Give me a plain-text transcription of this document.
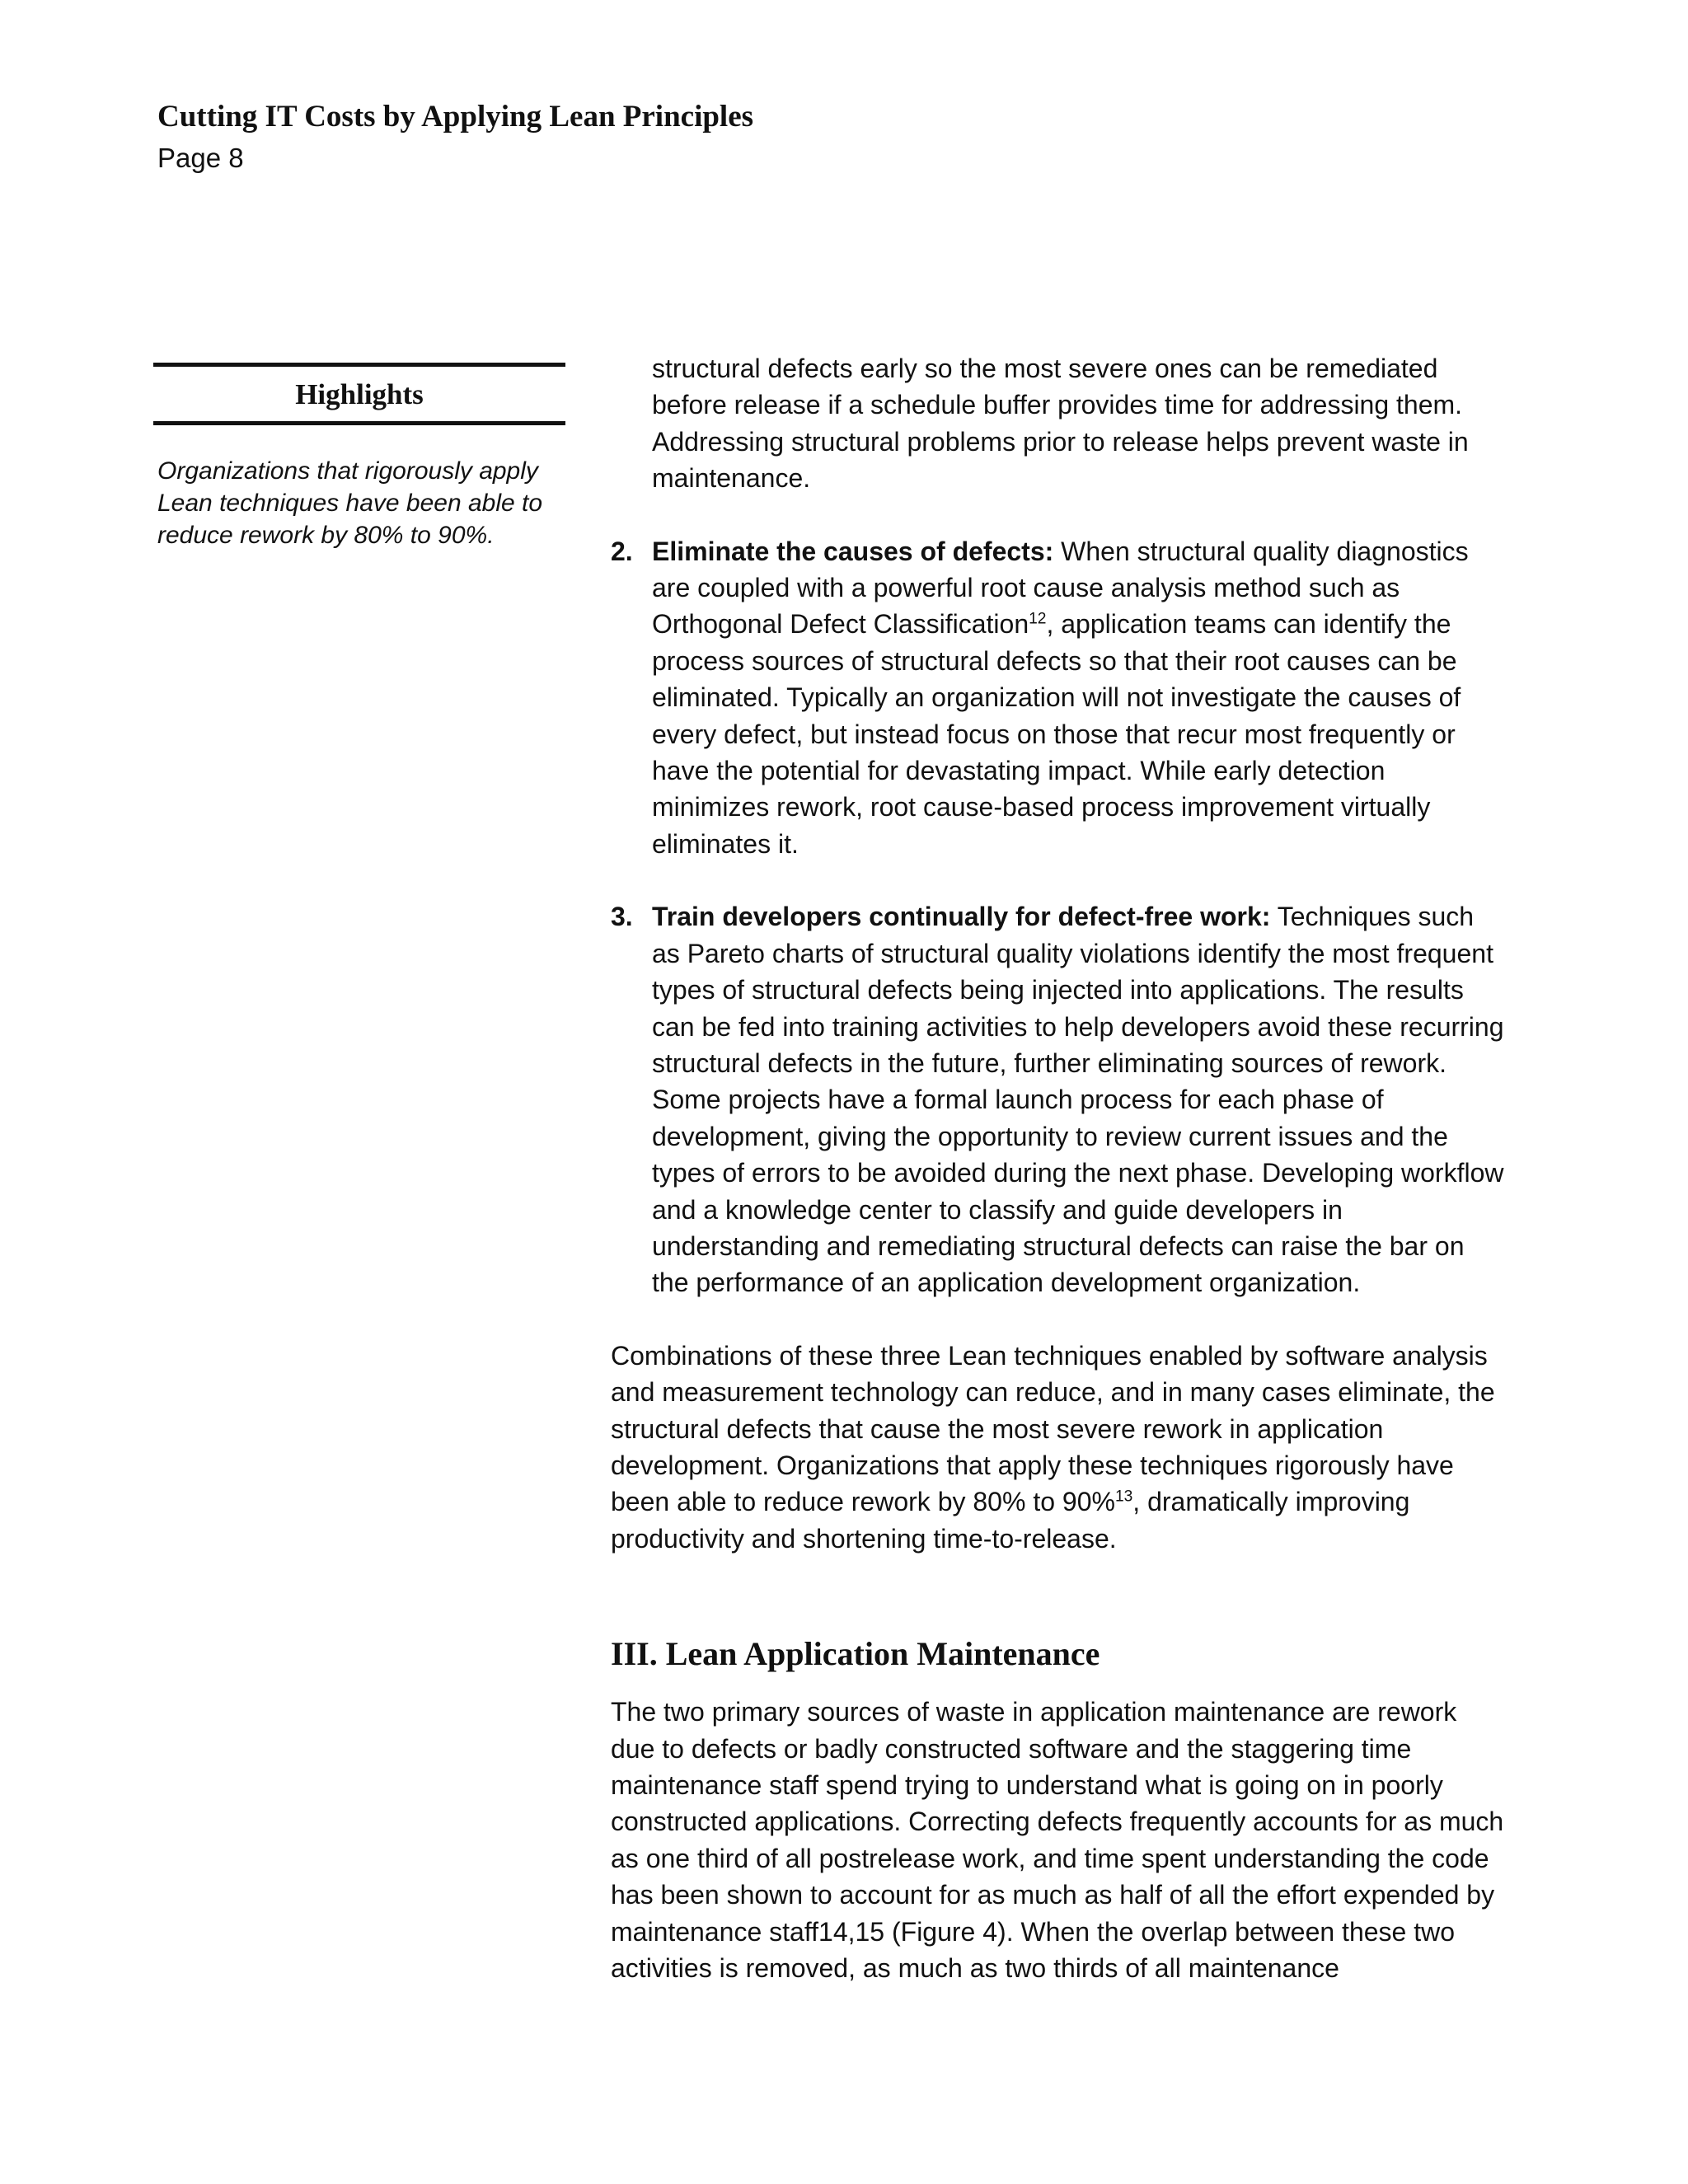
Cutting IT Costs by Applying Lean Principles
Page 8
Highlights
Organizations that rigorously apply Lean techniques have been able to reduce rework by 80% to 90%.

structural defects early so the most severe ones can be remediated before release if a schedule buffer provides time for addressing them. Addressing structural problems prior to release helps prevent waste in maintenance.

2. Eliminate the causes of defects: When structural quality diagnostics are coupled with a powerful root cause analysis method such as Orthogonal Defect Classification$^{12}$, application teams can identify the process sources of structural defects so that their root causes can be eliminated. Typically an organization will not investigate the causes of every defect, but instead focus on those that recur most frequently or have the potential for devastating impact. While early detection minimizes rework, root cause-based process improvement virtually eliminates it.
3. Train developers continually for defect-free work: Techniques such as Pareto charts of structural quality violations identify the most frequent types of structural defects being injected into applications. The results can be fed into training activities to help developers avoid these recurring structural defects in the future, further eliminating sources of rework. Some projects have a formal launch process for each phase of development, giving the opportunity to review current issues and the types of errors to be avoided during the next phase. Developing workflow and a knowledge center to classify and guide developers in understanding and remediating structural defects can raise the bar on the performance of an application development organization.

Combinations of these three Lean techniques enabled by software analysis and measurement technology can reduce, and in many cases eliminate, the structural defects that cause the most severe rework in application development. Organizations that apply these techniques rigorously have been able to reduce rework by 80% to 90%$^{13}$, dramatically improving productivity and shortening time-to-release.

III. Lean Application Maintenance

The two primary sources of waste in application maintenance are rework due to defects or badly constructed software and the staggering time maintenance staff spend trying to understand what is going on in poorly constructed applications. Correcting defects frequently accounts for as much as one third of all postrelease work, and time spent understanding the code has been shown to account for as much as half of all the effort expended by maintenance staff14,15 (Figure 4). When the overlap between these two activities is removed, as much as two thirds of all maintenance
